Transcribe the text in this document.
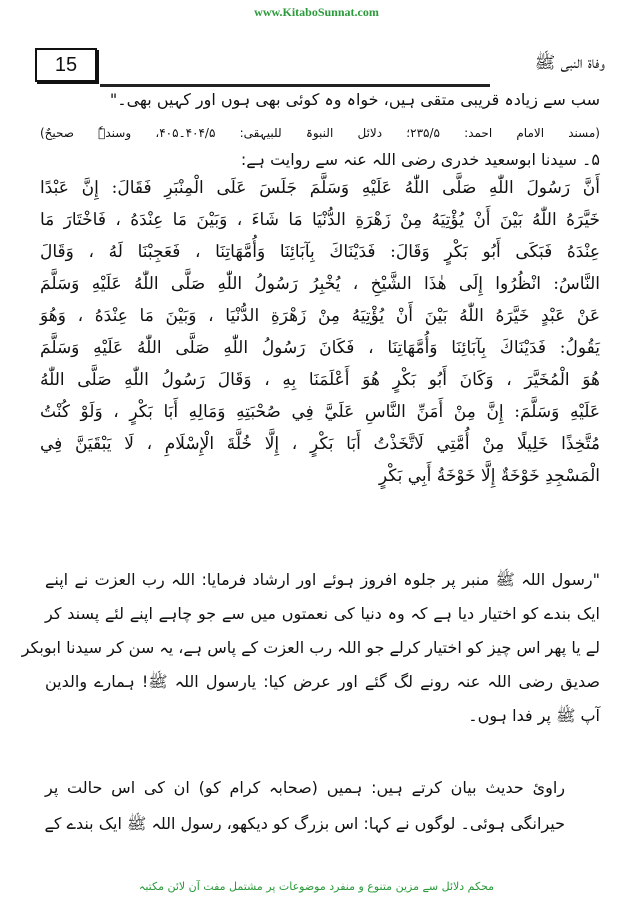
www.KitaboSunnat.com
15	وفاۃ النبی ﷺ
سب سے زیادہ قریبی متقی ہیں، خواہ وہ کوئی بھی ہوں اور کہیں بھی۔"
(مسند الامام احمد: ۲۳۵/۵؛ دلائل النبوۃ للبیہقی: ۴۰۴/۵۔۴۰۵، وسندہٗ صحیحٌ)
۵۔ سیدنا ابوسعید خدری رضی اللہ عنہ سے روایت ہے:
أَنَّ رَسُولَ اللّٰهِ صَلَّى اللّٰهُ عَلَيْهِ وَسَلَّمَ جَلَسَ عَلَى الْمِنْبَرِ فَقَالَ: إِنَّ عَبْدًا
خَيَّرَهُ اللّٰهُ بَيْنَ أَنْ يُؤْتِيَهُ مِنْ زَهْرَةِ الدُّنْيَا مَا شَاءَ ، وَبَيْنَ مَا عِنْدَهُ ، فَاخْتَارَ مَا
عِنْدَهُ فَبَكَى أَبُو بَكْرٍ وَقَالَ: فَدَيْنَاكَ بِآبَائِنَا وَأُمَّهَاتِنَا ، فَعَجِبْنَا لَهُ ، وَقَالَ
النَّاسُ: انْظُرُوا إِلَى هٰذَا الشَّيْخِ ، يُخْبِرُ رَسُولُ اللّٰهِ صَلَّى اللّٰهُ عَلَيْهِ وَسَلَّمَ
عَنْ عَبْدٍ خَيَّرَهُ اللّٰهُ بَيْنَ أَنْ يُؤْتِيَهُ مِنْ زَهْرَةِ الدُّنْيَا ، وَبَيْنَ مَا عِنْدَهُ ، وَهُوَ
يَقُولُ: فَدَيْنَاكَ بِآبَائِنَا وَأُمَّهَاتِنَا ، فَكَانَ رَسُولُ اللّٰهِ صَلَّى اللّٰهُ عَلَيْهِ وَسَلَّمَ
هُوَ الْمُخَيَّرَ ، وَكَانَ أَبُو بَكْرٍ هُوَ أَعْلَمَنَا بِهِ ، وَقَالَ رَسُولُ اللّٰهِ صَلَّى اللّٰهُ
عَلَيْهِ وَسَلَّمَ: إِنَّ مِنْ أَمَنِّ النَّاسِ عَلَيَّ فِي صُحْبَتِهِ وَمَالِهِ أَبَا بَكْرٍ ، وَلَوْ كُنْتُ
مُتَّخِذًا خَلِيلًا مِنْ أُمَّتِي لَاتَّخَذْتُ أَبَا بَكْرٍ ، إِلَّا خُلَّةَ الْإِسْلَامِ ، لَا يَبْقَيَنَّ فِي
الْمَسْجِدِ خَوْخَةٌ إِلَّا خَوْخَةُ أَبِي بَكْرٍ
"رسول اللہ ﷺ منبر پر جلوہ افروز ہوئے اور ارشاد فرمایا: اللہ رب العزت نے اپنے
ایک بندے کو اختیار دیا ہے کہ وہ دنیا کی نعمتوں میں سے جو چاہے اپنے لئے پسند کر
لے یا پھر اس چیز کو اختیار کرلے جو اللہ رب العزت کے پاس ہے، یہ سن کر سیدنا ابوبکر
صدیق رضی اللہ عنہ رونے لگ گئے اور عرض کیا: یارسول اللہ ﷺ! ہمارے والدین
آپ ﷺ پر فدا ہوں۔
راویٔ حدیث بیان کرتے ہیں: ہمیں (صحابہ کرام کو) ان کی اس حالت پر
حیرانگی ہوئی۔ لوگوں نے کہا: اس بزرگ کو دیکھو، رسول اللہ ﷺ ایک بندے کے
محکم دلائل سے مزین متنوع و منفرد موضوعات پر مشتمل مفت آن لائن مکتبہ
